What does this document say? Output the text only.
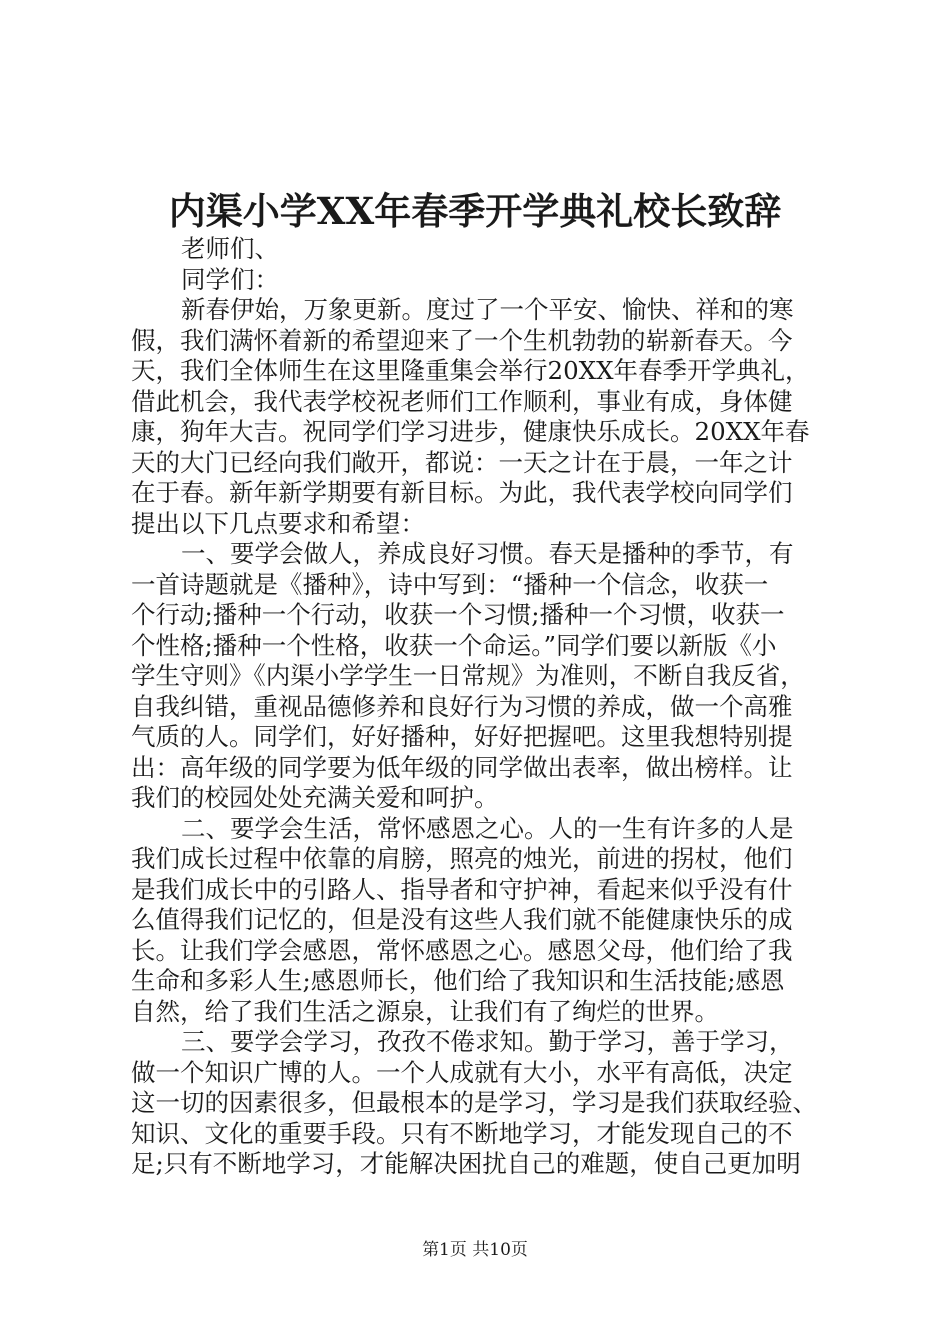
内渠小学XX年春季开学典礼校长致辞
老师们、
同学们：
新春伊始，万象更新。度过了一个平安、愉快、祥和的寒
假，我们满怀着新的希望迎来了一个生机勃勃的崭新春天。今
天，我们全体师生在这里隆重集会举行20XX年春季开学典礼，
借此机会，我代表学校祝老师们工作顺利，事业有成，身体健
康，狗年大吉。祝同学们学习进步，健康快乐成长。20XX年春
天的大门已经向我们敞开，都说：一天之计在于晨，一年之计
在于春。新年新学期要有新目标。为此，我代表学校向同学们
提出以下几点要求和希望：
一、要学会做人，养成良好习惯。春天是播种的季节，有
一首诗题就是《播种》，诗中写到：“播种一个信念，收获一
个行动;播种一个行动，收获一个习惯;播种一个习惯，收获一
个性格;播种一个性格，收获一个命运。”同学们要以新版《小
学生守则》《内渠小学学生一日常规》为准则，不断自我反省，
自我纠错，重视品德修养和良好行为习惯的养成，做一个高雅
气质的人。同学们，好好播种，好好把握吧。这里我想特别提
出：高年级的同学要为低年级的同学做出表率，做出榜样。让
我们的校园处处充满关爱和呵护。
二、要学会生活，常怀感恩之心。人的一生有许多的人是
我们成长过程中依靠的肩膀，照亮的烛光，前进的拐杖，他们
是我们成长中的引路人、指导者和守护神，看起来似乎没有什
么值得我们记忆的，但是没有这些人我们就不能健康快乐的成
长。让我们学会感恩，常怀感恩之心。感恩父母，他们给了我
生命和多彩人生;感恩师长，他们给了我知识和生活技能;感恩
自然，给了我们生活之源泉，让我们有了绚烂的世界。
三、要学会学习，孜孜不倦求知。勤于学习，善于学习，
做一个知识广博的人。一个人成就有大小，水平有高低，决定
这一切的因素很多，但最根本的是学习，学习是我们获取经验、
知识、文化的重要手段。只有不断地学习，才能发现自己的不
足;只有不断地学习，才能解决困扰自己的难题，使自己更加明
第1页 共10页
